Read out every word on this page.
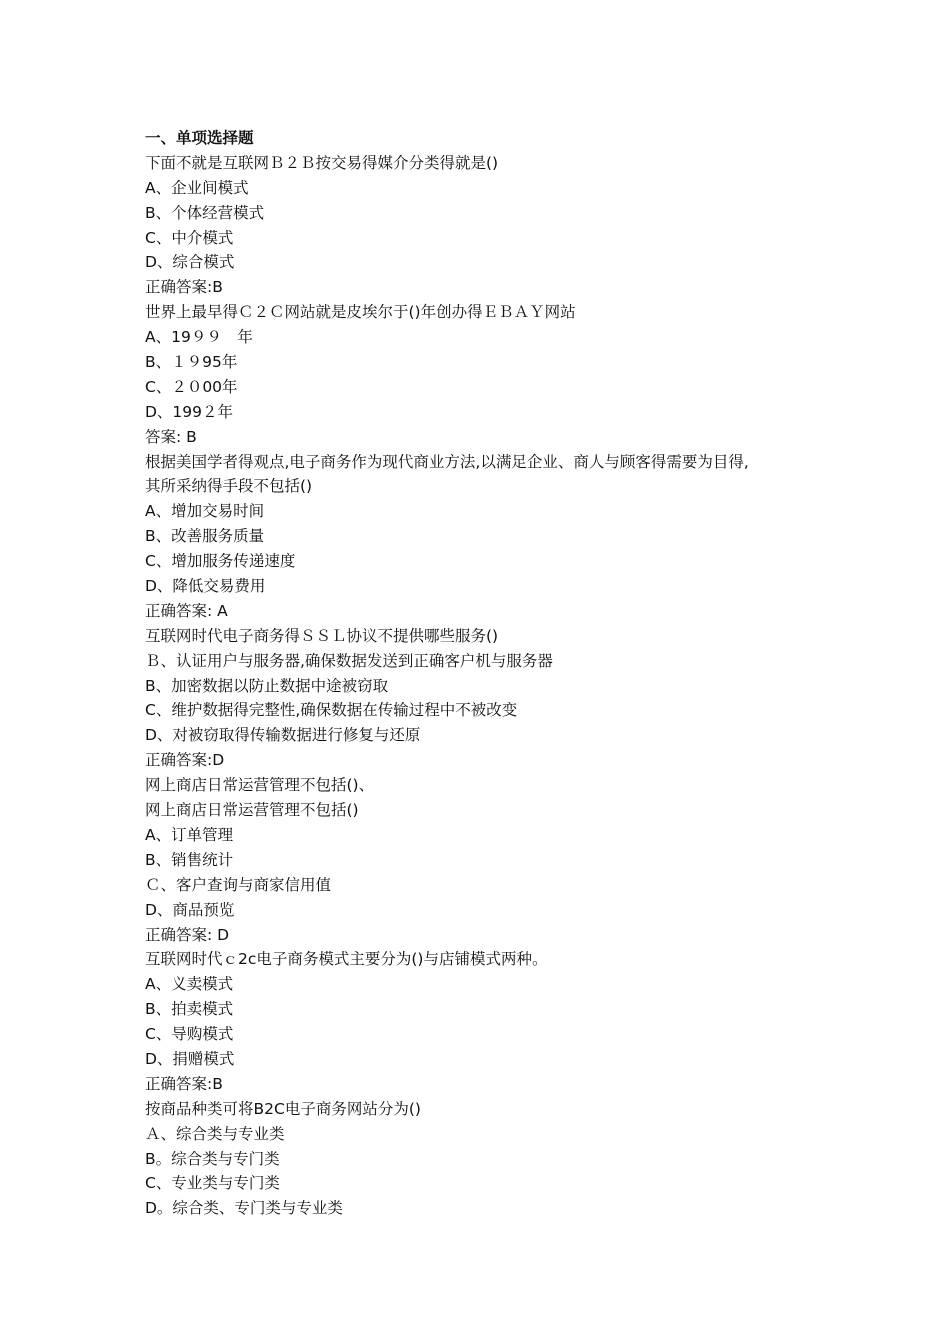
一、单项选择题
下面不就是互联网Ｂ２Ｂ按交易得媒介分类得就是()
A、企业间模式
B、个体经营模式
C、中介模式
D、综合模式
正确答案:B
世界上最早得Ｃ２Ｃ网站就是皮埃尔于()年创办得ＥＢＡＹ网站
A、19９９　年
B、１９95年
C、２０00年
D、199２年
答案: B
根据美国学者得观点,电子商务作为现代商业方法,以满足企业、商人与顾客得需要为目得,
其所采纳得手段不包括()
A、增加交易时间
B、改善服务质量
C、增加服务传递速度
D、降低交易费用
正确答案: A
互联网时代电子商务得ＳＳＬ协议不提供哪些服务()
Ｂ、认证用户与服务器,确保数据发送到正确客户机与服务器
B、加密数据以防止数据中途被窃取
C、维护数据得完整性,确保数据在传输过程中不被改变
D、对被窃取得传输数据进行修复与还原
正确答案:D
网上商店日常运营管理不包括()、
网上商店日常运营管理不包括()
A、订单管理
B、销售统计
Ｃ、客户查询与商家信用值
D、商品预览
正确答案: D
互联网时代ｃ2c电子商务模式主要分为()与店铺模式两种。
A、义卖模式
B、拍卖模式
C、导购模式
D、捐赠模式
正确答案:B
按商品种类可将B2C电子商务网站分为()
Ａ、综合类与专业类
B。综合类与专门类
C、专业类与专门类
D。综合类、专门类与专业类
